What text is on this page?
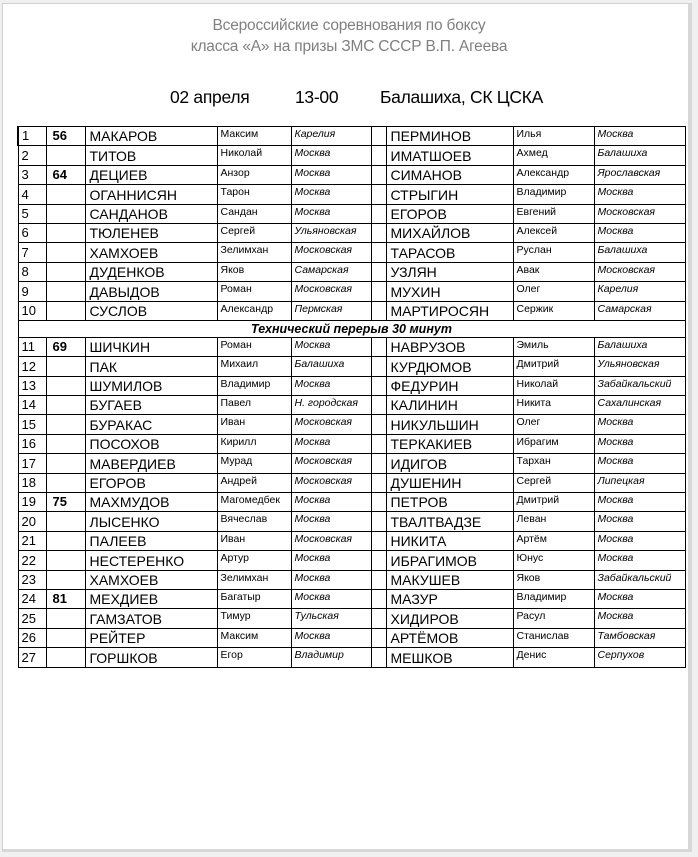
Всероссийские соревнования по боксу
класса «А» на призы ЗМС СССР В.П. Агеева
02 апреля	13-00 Балашиха, СК ЦСКА
1	56	МАКАРОВ	Максим	Карелия		ПЕРМИНОВ	Илья	Москва
2		ТИТОВ	Николай	Москва		ИМАТШОЕВ	Ахмед	Балашиха
3	64	ДЕЦИЕВ	Анзор	Москва		СИМАНОВ	Александр	Ярославская
4		ОГАННИСЯН	Тарон	Москва		СТРЫГИН	Владимир	Москва
5		САНДАНОВ	Сандан	Москва		ЕГОРОВ	Евгений	Московская
6		ТЮЛЕНЕВ	Сергей	Ульяновская		МИХАЙЛОВ	Алексей	Москва
7		ХАМХОЕВ	Зелимхан	Московская		ТАРАСОВ	Руслан	Балашиха
8		ДУДЕНКОВ	Яков	Самарская		УЗЛЯН	Авак	Московская
9		ДАВЫДОВ	Роман	Московская		МУХИН	Олег	Карелия
10		СУСЛОВ	Александр	Пермская		МАРТИРОСЯН	Сержик	Самарская
Технический перерыв 30 минут								
11	69	ШИЧКИН	Роман	Москва		НАВРУЗОВ	Эмиль	Балашиха
12		ПАК	Михаил	Балашиха		КУРДЮМОВ	Дмитрий	Ульяновская
13		ШУМИЛОВ	Владимир	Москва		ФЕДУРИН	Николай	Забайкальский
14		БУГАЕВ	Павел	Н. городская		КАЛИНИН	Никита	Сахалинская
15		БУРАКАС	Иван	Московская		НИКУЛЬШИН	Олег	Москва
16		ПОСОХОВ	Кирилл	Москва		ТЕРКАКИЕВ	Ибрагим	Москва
17		МАВЕРДИЕВ	Мурад	Московская		ИДИГОВ	Тархан	Москва
18		ЕГОРОВ	Андрей	Московская		ДУШЕНИН	Сергей	Липецкая
19	75	МАХМУДОВ	Магомедбек	Москва		ПЕТРОВ	Дмитрий	Москва
20		ЛЫСЕНКО	Вячеслав	Москва		ТВАЛТВАДЗЕ	Леван	Москва
21		ПАЛЕЕВ	Иван	Московская		НИКИТА	Артём	Москва
22		НЕСТЕРЕНКО	Артур	Москва		ИБРАГИМОВ	Юнус	Москва
23		ХАМХОЕВ	Зелимхан	Москва		МАКУШЕВ	Яков	Забайкальский
24	81	МЕХДИЕВ	Багатыр	Москва		МАЗУР	Владимир	Москва
25		ГАМЗАТОВ	Тимур	Тульская		ХИДИРОВ	Расул	Москва
26		РЕЙТЕР	Максим	Москва		АРТЁМОВ	Станислав	Тамбовская
27		ГОРШКОВ	Егор	Владимир		МЕШКОВ	Денис	Серпухов
